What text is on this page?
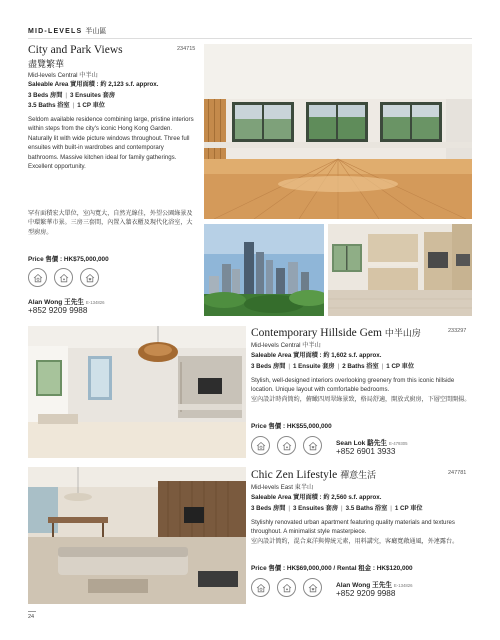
MID-LEVELS 半山區
City and Park Views	234715
盡覽繁華
Mid-levels Central 中半山
Saleable Area 實用面積 : 約 2,123 s.f. approx.
3 Beds 房間 | 3 Ensuites 套房
3.5 Baths 浴室 | 1 CP 車位
Seldom available residence combining large, pristine interiors within steps from the city's iconic Hong Kong Garden. Naturally lit with wide picture windows throughout. Three full ensuites with built-in wardrobes and contemporary bathrooms. Massive kitchen ideal for family gatherings. Excellent opportunity.
罕有面積宏大單位，室內寬大，自然光線佳，外望公園綠景及中環繁華市景。三房三套間，內置入牆衣櫃及現代化浴室，大型廚房。
Price 售價 : HK$75,000,000
Alan Wong 王先生 E-134826
+852 9209 9988
Contemporary Hillside Gem 中半山房	233297
Mid-levels Central 中半山
Saleable Area 實用面積 : 約 1,602 s.f. approx.
3 Beds 房間 | 1 Ensuite 套房 | 2 Baths 浴室 | 1 CP 車位
Stylish, well-designed interiors overlooking greenery from this iconic hillside location. Unique layout with comfortable bedrooms.
室內設計時尚簡約，俯瞰四周翠綠景致，格局舒適，開放式廚房，下層空間開揚。
Price 售價 : HK$55,000,000
Sean Lok 駱先生 E-479305
+852 6901 3933
Chic Zen Lifestyle 禪意生活	247781
Mid-levels East 東半山
Saleable Area 實用面積 : 約 2,560 s.f. approx.
3 Beds 房間 | 3 Ensuites 套房 | 3.5 Baths 浴室 | 1 CP 車位
Stylishly renovated urban apartment featuring quality materials and textures throughout. A minimalist style masterpiece.
室內設計簡約，混合東洋與傳統元素，用料講究，客廳寬敞通風，外連露台。
Price 售價 : HK$69,000,000 / Rental 租金 : HK$120,000
Alan Wong 王先生 E-134826
+852 9209 9988
24
